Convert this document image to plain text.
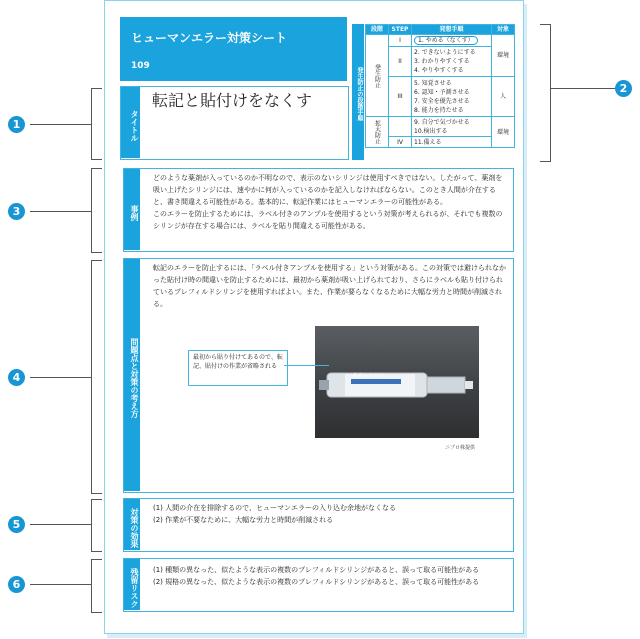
ヒューマンエラー対策シート
109
タイトル
転記と貼付けをなくす	発生防止の段階手順
段階	STEP	発想手順	対象
発生防止	I	1. やめる（なくす）	環境
	II	2. できないようにする
3. わかりやすくする
4. やりやすくする	

	III	5. 知覚させる
6. 認知・予測させる
7. 安全を優先させる
8. 能力を持たせる	人
拡大防止		9. 自分で気づかせる
10.検出する	環境
	IV	11.備える	
事例
どのような薬剤が入っているのか不明なので、表示のないシリンジは使用すべきではない。したがって、薬剤を吸い上げたシリンジには、速やかに何が入っているのかを記入しなければならない。このとき人間が介在すると、書き間違える可能性がある。基本的に、転記作業にはヒューマンエラーの可能性がある。
このエラーを防止するためには、ラベル付きのアンプルを使用するという対策が考えられるが、それでも複数のシリンジが存在する場合には、ラベルを貼り間違える可能性がある。
問題点と対策の考え方
転記のエラーを防止するには、「ラベル付きアンプルを使用する」という対策がある。この対策では避けられなかった貼付け時の間違いを防止するためには、最初から薬剤が吸い上げられており、さらにラベルも貼り付けられているプレフィルドシリンジを使用すればよい。また、作業が要らなくなるために大幅な労力と時間が削減される。
生食シリンジ
最初から貼り付けてあるので、転記、貼付けの作業が省略される
ニプロ株提供
対策の効果 (1) 人間の介在を排除するので、ヒューマンエラーの入り込む余地がなくなる
(2) 作業が不要なために、大幅な労力と時間が削減される
残留リスク (1) 種類の異なった、似たような表示の複数のプレフィルドシリンジがあると、誤って取る可能性がある
(2) 規格の異なった、似たような表示の複数のプレフィルドシリンジがあると、誤って取る可能性がある
1
3
4
5
6
2
